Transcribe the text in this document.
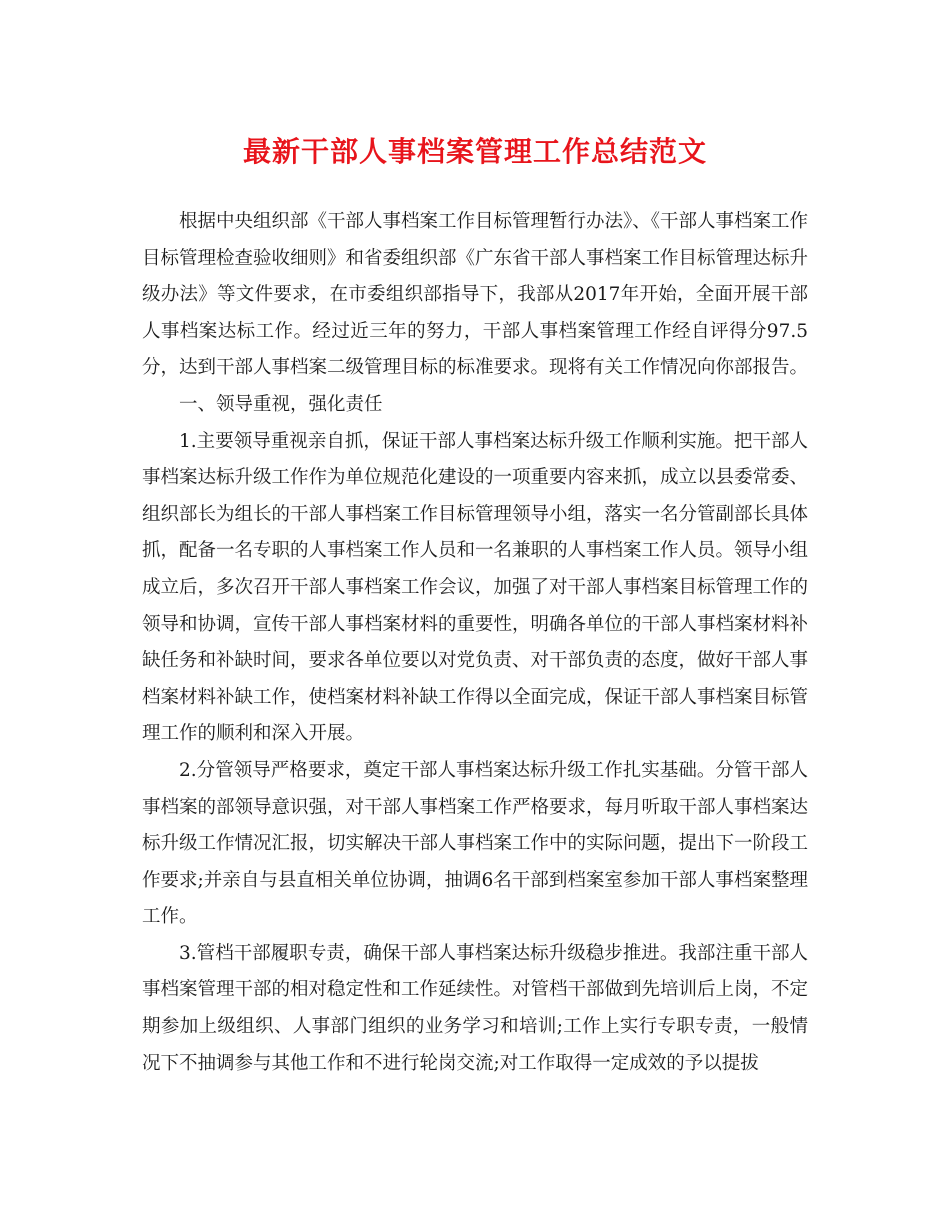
最新干部人事档案管理工作总结范文

根据中央组织部《干部人事档案工作目标管理暂行办法》、《干部人事档案工作目标管理检查验收细则》和省委组织部《广东省干部人事档案工作目标管理达标升级办法》等文件要求，在市委组织部指导下，我部从2017年开始，全面开展干部人事档案达标工作。经过近三年的努力，干部人事档案管理工作经自评得分97.5分，达到干部人事档案二级管理目标的标准要求。现将有关工作情况向你部报告。

一、领导重视，强化责任

1.主要领导重视亲自抓，保证干部人事档案达标升级工作顺利实施。把干部人事档案达标升级工作作为单位规范化建设的一项重要内容来抓，成立以县委常委、组织部长为组长的干部人事档案工作目标管理领导小组，落实一名分管副部长具体抓，配备一名专职的人事档案工作人员和一名兼职的人事档案工作人员。领导小组成立后，多次召开干部人事档案工作会议，加强了对干部人事档案目标管理工作的领导和协调，宣传干部人事档案材料的重要性，明确各单位的干部人事档案材料补缺任务和补缺时间，要求各单位要以对党负责、对干部负责的态度，做好干部人事档案材料补缺工作，使档案材料补缺工作得以全面完成，保证干部人事档案目标管理工作的顺利和深入开展。

2.分管领导严格要求，奠定干部人事档案达标升级工作扎实基础。分管干部人事档案的部领导意识强，对干部人事档案工作严格要求，每月听取干部人事档案达标升级工作情况汇报，切实解决干部人事档案工作中的实际问题，提出下一阶段工作要求;并亲自与县直相关单位协调，抽调6名干部到档案室参加干部人事档案整理工作。

3.管档干部履职专责，确保干部人事档案达标升级稳步推进。我部注重干部人事档案管理干部的相对稳定性和工作延续性。对管档干部做到先培训后上岗，不定期参加上级组织、人事部门组织的业务学习和培训;工作上实行专职专责，一般情况下不抽调参与其他工作和不进行轮岗交流;对工作取得一定成效的予以提拔
